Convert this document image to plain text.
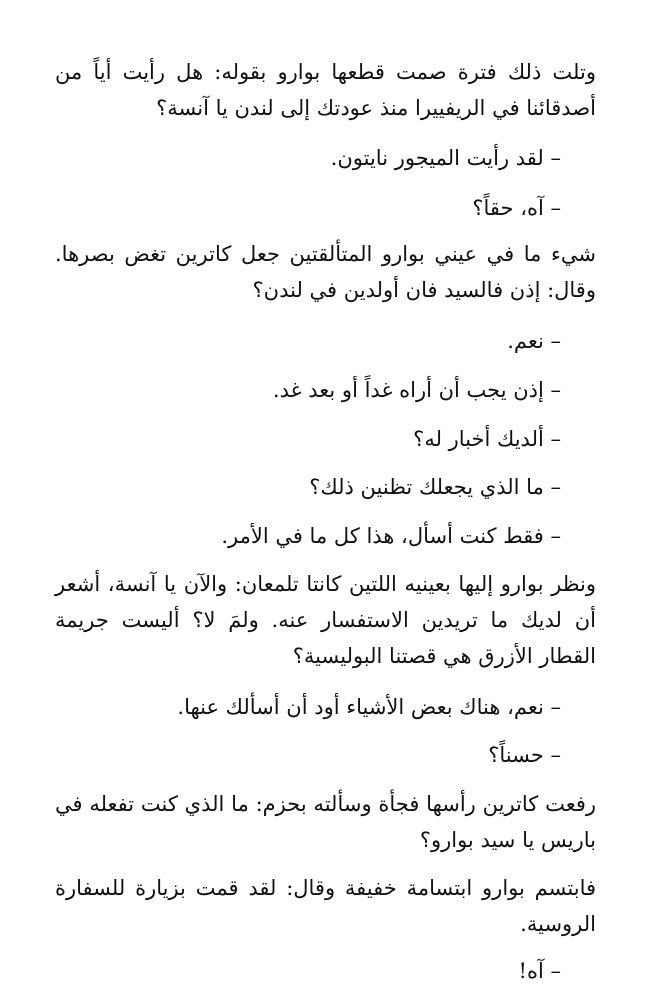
وتلت ذلك فترة صمت قطعها بوارو بقوله: هل رأيت أياً من أصدقائنا في الريفييرا منذ عودتك إلى لندن يا آنسة؟

– لقد رأيت الميجور نايتون.

– آه، حقاً؟

شيء ما في عيني بوارو المتألقتين جعل كاترين تغض بصرها. وقال: إذن فالسيد فان أولدين في لندن؟

– نعم.

– إذن يجب أن أراه غداً أو بعد غد.

– ألديك أخبار له؟

– ما الذي يجعلك تظنين ذلك؟

– فقط كنت أسأل، هذا كل ما في الأمر.

ونظر بوارو إليها بعينيه اللتين كانتا تلمعان: والآن يا آنسة، أشعر أن لديك ما تريدين الاستفسار عنه. ولمَ لا؟ أليست جريمة القطار الأزرق هي قصتنا البوليسية؟

– نعم، هناك بعض الأشياء أود أن أسألك عنها.

– حسناً؟

رفعت كاترين رأسها فجأة وسألته بحزم: ما الذي كنت تفعله في باريس يا سيد بوارو؟

فابتسم بوارو ابتسامة خفيفة وقال: لقد قمت بزيارة للسفارة الروسية.

– آه!
